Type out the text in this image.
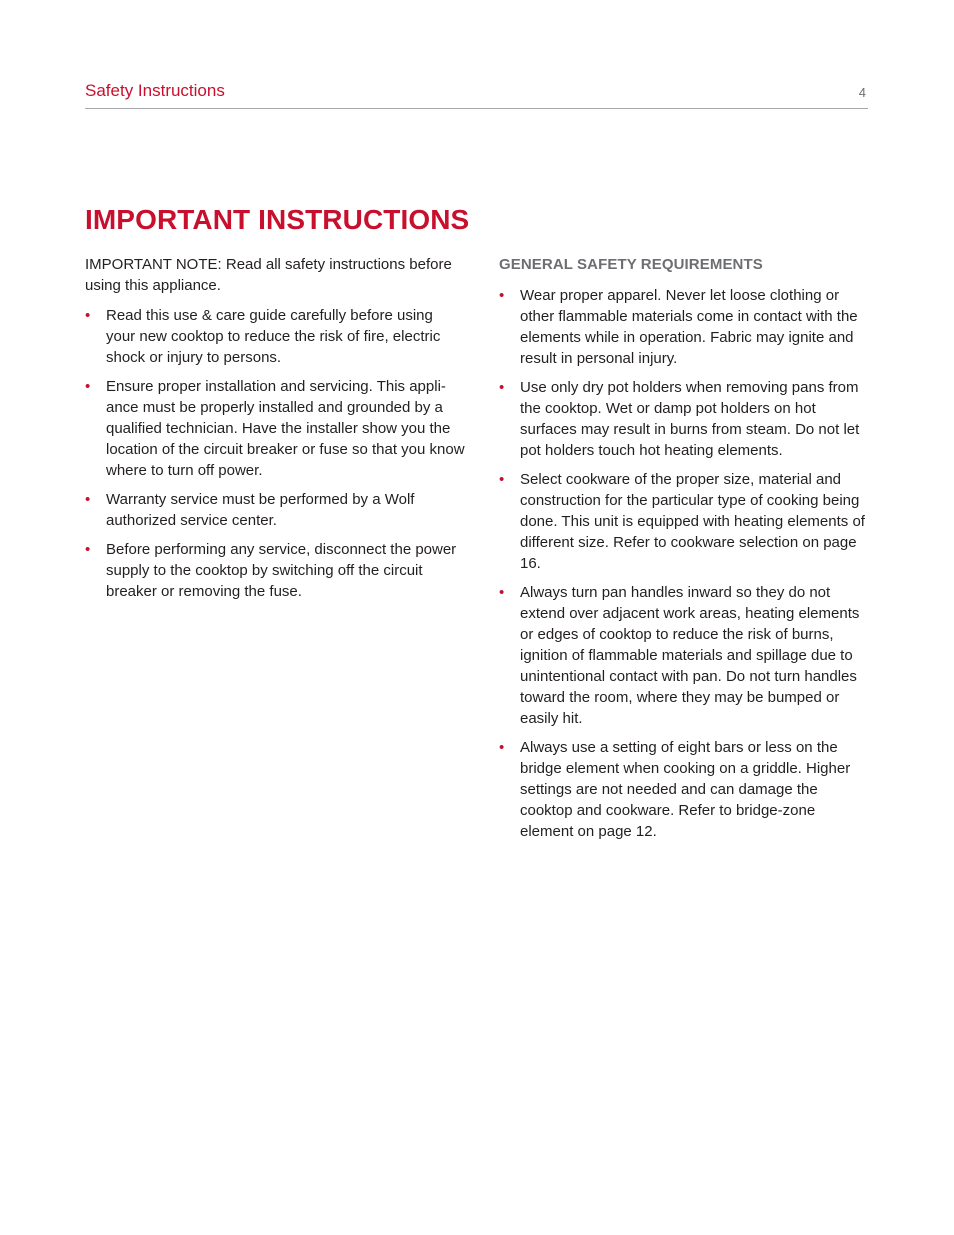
Safety Instructions	4
IMPORTANT INSTRUCTIONS

IMPORTANT NOTE: Read all safety instructions before using this appliance.

• Read this use & care guide carefully before using your new cooktop to reduce the risk of fire, electric shock or injury to persons.
• Ensure proper installation and servicing. This appli-ance must be properly installed and grounded by a qualified technician. Have the installer show you the location of the circuit breaker or fuse so that you know where to turn off power.
• Warranty service must be performed by a Wolf authorized service center.
• Before performing any service, disconnect the power supply to the cooktop by switching off the circuit breaker or removing the fuse.
GENERAL SAFETY REQUIREMENTS
• Wear proper apparel. Never let loose clothing or other flammable materials come in contact with the elements while in operation. Fabric may ignite and result in personal injury.
• Use only dry pot holders when removing pans from the cooktop. Wet or damp pot holders on hot surfaces may result in burns from steam. Do not let pot holders touch hot heating elements.
• Select cookware of the proper size, material and construction for the particular type of cooking being done. This unit is equipped with heating elements of different size. Refer to cookware selection on page 16.
• Always turn pan handles inward so they do not extend over adjacent work areas, heating elements or edges of cooktop to reduce the risk of burns, ignition of flammable materials and spillage due to unintentional contact with pan. Do not turn handles toward the room, where they may be bumped or easily hit.
• Always use a setting of eight bars or less on the bridge element when cooking on a griddle. Higher settings are not needed and can damage the cooktop and cookware. Refer to bridge-zone element on page 12.
